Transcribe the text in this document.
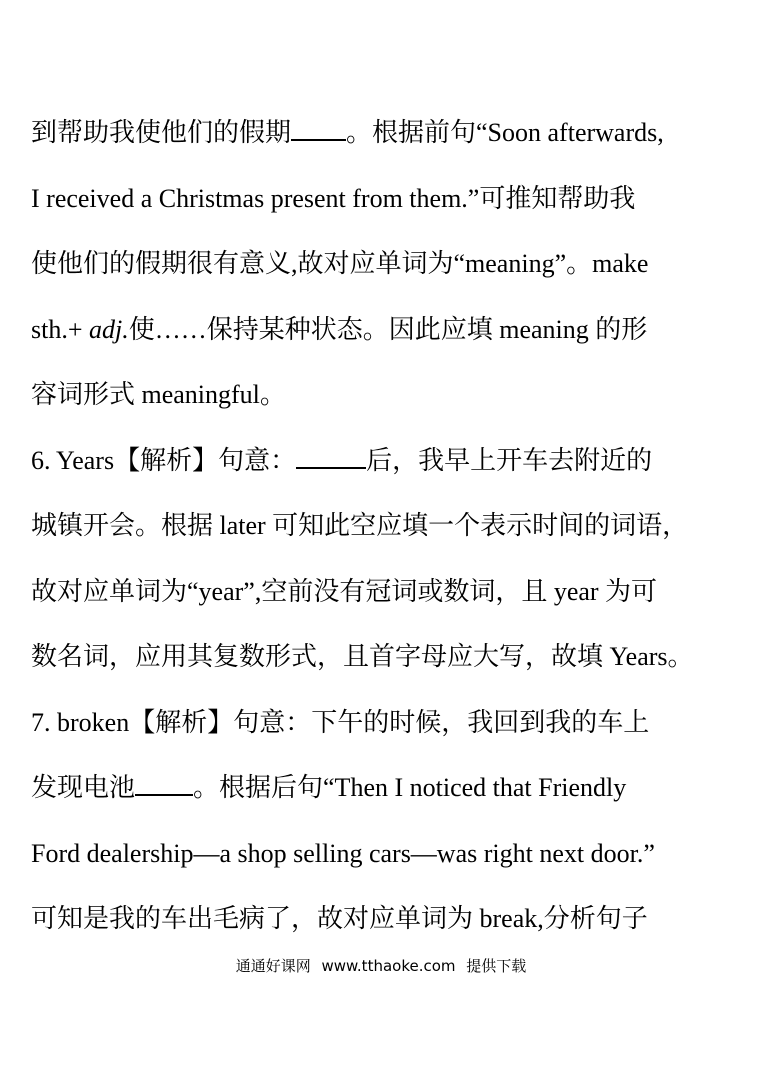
到帮助我使他们的假期 。根据前句“Soon afterwards,
I received a Christmas present from them.”可推知帮助我
使他们的假期很有意义,故对应单词为“meaning”。make
sth.+ adj.使……保持某种状态。因此应填 meaning 的形
容词形式 meaningful。
6. Years【解析】句意：	后，我早上开车去附近的
城镇开会。根据 later 可知此空应填一个表示时间的词语，
故对应单词为“year”,空前没有冠词或数词，且 year 为可
数名词，应用其复数形式，且首字母应大写，故填 Years。
7. broken【解析】句意：下午的时候，我回到我的车上
发现电池 。根据后句“Then I noticed that Friendly
Ford dealership—a shop selling cars—was right next door.”
可知是我的车出毛病了，故对应单词为 break,分析句子
通通好课网 www.tthaoke.com 提供下载
